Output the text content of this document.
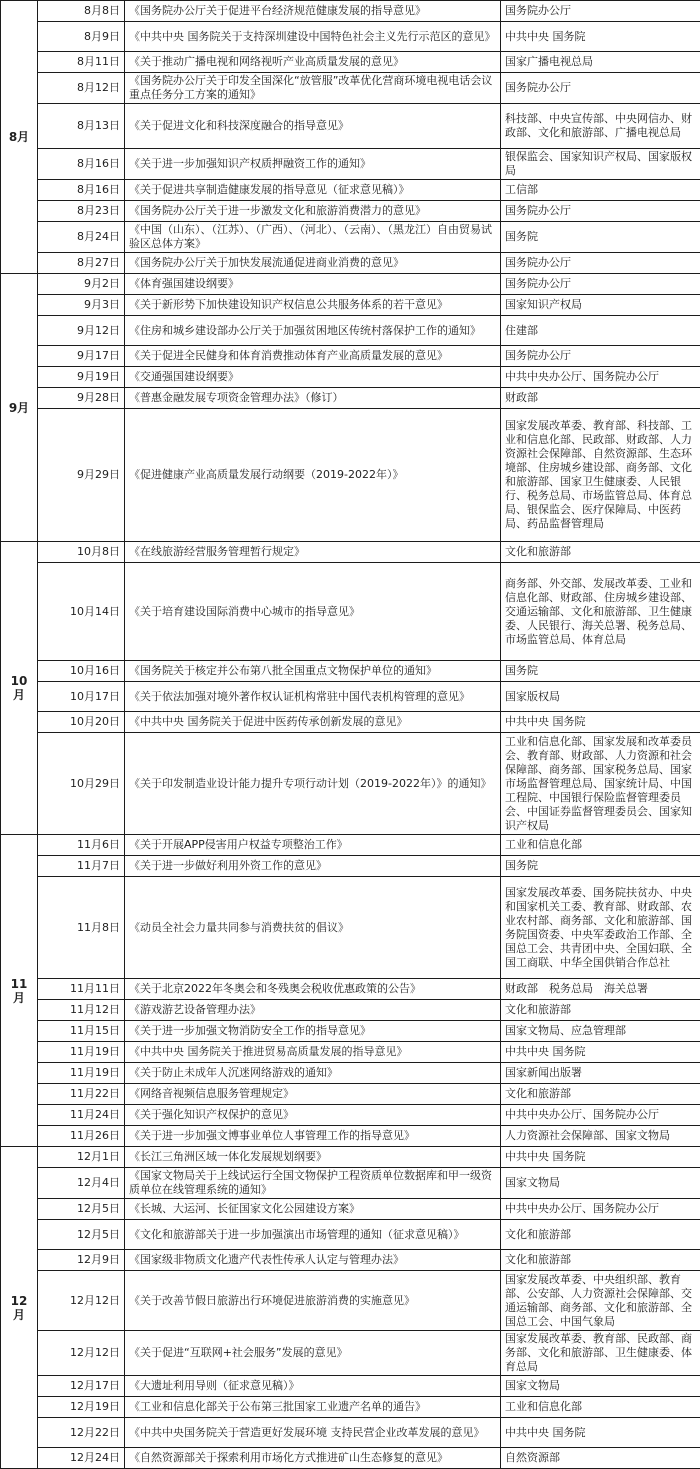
8月	8月8日	《国务院办公厅关于促进平台经济规范健康发展的指导意见》	国务院办公厅
	8月9日	《中共中央 国务院关于支持深圳建设中国特色社会主义先行示范区的意见》	中共中央 国务院
	8月11日	《关于推动广播电视和网络视听产业高质量发展的意见》	国家广播电视总局
	8月12日	《国务院办公厅关于印发全国深化“放管服”改革优化营商环境电视电话会议重点任务分工方案的通知》	国务院办公厅
	8月13日	《关于促进文化和科技深度融合的指导意见》	科技部、中央宣传部、中央网信办、财政部、文化和旅游部、广播电视总局
	8月16日	《关于进一步加强知识产权质押融资工作的通知》	银保监会、国家知识产权局、国家版权局
	8月16日	《关于促进共享制造健康发展的指导意见（征求意见稿）》	工信部
	8月23日	《国务院办公厅关于进一步激发文化和旅游消费潜力的意见》	国务院办公厅
	8月24日	《中国（山东）、（江苏）、（广西）、（河北）、（云南）、（黑龙江）自由贸易试验区总体方案》	国务院
	8月27日	《国务院办公厅关于加快发展流通促进商业消费的意见》	国务院办公厅
9月	9月2日	《体育强国建设纲要》	国务院办公厅
	9月3日	《关于新形势下加快建设知识产权信息公共服务体系的若干意见》	国家知识产权局
	9月12日	《住房和城乡建设部办公厅关于加强贫困地区传统村落保护工作的通知》	住建部
	9月17日	《关于促进全民健身和体育消费推动体育产业高质量发展的意见》	国务院办公厅
	9月19日	《交通强国建设纲要》	中共中央办公厅、国务院办公厅
	9月28日	《普惠金融发展专项资金管理办法》（修订）	财政部
	9月29日	《促进健康产业高质量发展行动纲要（2019-2022年）》	国家发展改革委、教育部、科技部、工业和信息化部、民政部、财政部、人力资源社会保障部、自然资源部、生态环境部、住房城乡建设部、商务部、文化和旅游部、国家卫生健康委、人民银行、税务总局、市场监管总局、体育总局、银保监会、医疗保障局、中医药局、药品监督管理局
10月	10月8日	《在线旅游经营服务管理暂行规定》	文化和旅游部
	10月14日	《关于培育建设国际消费中心城市的指导意见》	商务部、外交部、发展改革委、工业和信息化部、财政部、住房城乡建设部、交通运输部、文化和旅游部、卫生健康委、人民银行、海关总署、税务总局、市场监管总局、体育总局
	10月16日	《国务院关于核定并公布第八批全国重点文物保护单位的通知》	国务院
	10月17日	《关于依法加强对境外著作权认证机构常驻中国代表机构管理的意见》	国家版权局
	10月20日	《中共中央 国务院关于促进中医药传承创新发展的意见》	中共中央 国务院
	10月29日	《关于印发制造业设计能力提升专项行动计划（2019-2022年）》的通知》	工业和信息化部、国家发展和改革委员会、教育部、财政部、人力资源和社会保障部、商务部、国家税务总局、国家市场监督管理总局、国家统计局、中国工程院、中国银行保险监督管理委员会、中国证券监督管理委员会、国家知识产权局
11月	11月6日	《关于开展APP侵害用户权益专项整治工作》	工业和信息化部
	11月7日	《关于进一步做好利用外资工作的意见》	国务院
	11月8日	《动员全社会力量共同参与消费扶贫的倡议》	国家发展改革委、国务院扶贫办、中央和国家机关工委、教育部、财政部、农业农村部、商务部、文化和旅游部、国务院国资委、中央军委政治工作部、全国总工会、共青团中央、全国妇联、全国工商联、中华全国供销合作总社
	11月11日	《关于北京2022年冬奥会和冬残奥会税收优惠政策的公告》	财政部　税务总局　海关总署
	11月12日	《游戏游艺设备管理办法》	文化和旅游部
	11月15日	《关于进一步加强文物消防安全工作的指导意见》	国家文物局、应急管理部
	11月19日	《中共中央 国务院关于推进贸易高质量发展的指导意见》	中共中央 国务院
	11月19日	《关于防止未成年人沉迷网络游戏的通知》	国家新闻出版署
	11月22日	《网络音视频信息服务管理规定》	文化和旅游部
	11月24日	《关于强化知识产权保护的意见》	中共中央办公厅、国务院办公厅
	11月26日	《关于进一步加强文博事业单位人事管理工作的指导意见》	人力资源社会保障部、国家文物局
12月	12月1日	《长江三角洲区域一体化发展规划纲要》	中共中央 国务院
	12月4日	《国家文物局关于上线试运行全国文物保护工程资质单位数据库和甲一级资质单位在线管理系统的通知》	国家文物局
	12月5日	《长城、大运河、长征国家文化公园建设方案》	中共中央办公厅、国务院办公厅
	12月5日	《文化和旅游部关于进一步加强演出市场管理的通知（征求意见稿）》	文化和旅游部
	12月9日	《国家级非物质文化遗产代表性传承人认定与管理办法》	文化和旅游部
	12月12日	《关于改善节假日旅游出行环境促进旅游消费的实施意见》	国家发展改革委、中央组织部、教育部、公安部、人力资源社会保障部、交通运输部、商务部、文化和旅游部、全国总工会、中国气象局
	12月12日	《关于促进“互联网+社会服务”发展的意见》	国家发展改革委、教育部、民政部、商务部、文化和旅游部、卫生健康委、体育总局
	12月17日	《大遗址利用导则（征求意见稿）》	国家文物局
	12月19日	《工业和信息化部关于公布第三批国家工业遗产名单的通告》	工业和信息化部
	12月22日	《中共中央国务院关于营造更好发展环境 支持民营企业改革发展的意见》	中共中央 国务院
	12月24日	《自然资源部关于探索利用市场化方式推进矿山生态修复的意见》	自然资源部
